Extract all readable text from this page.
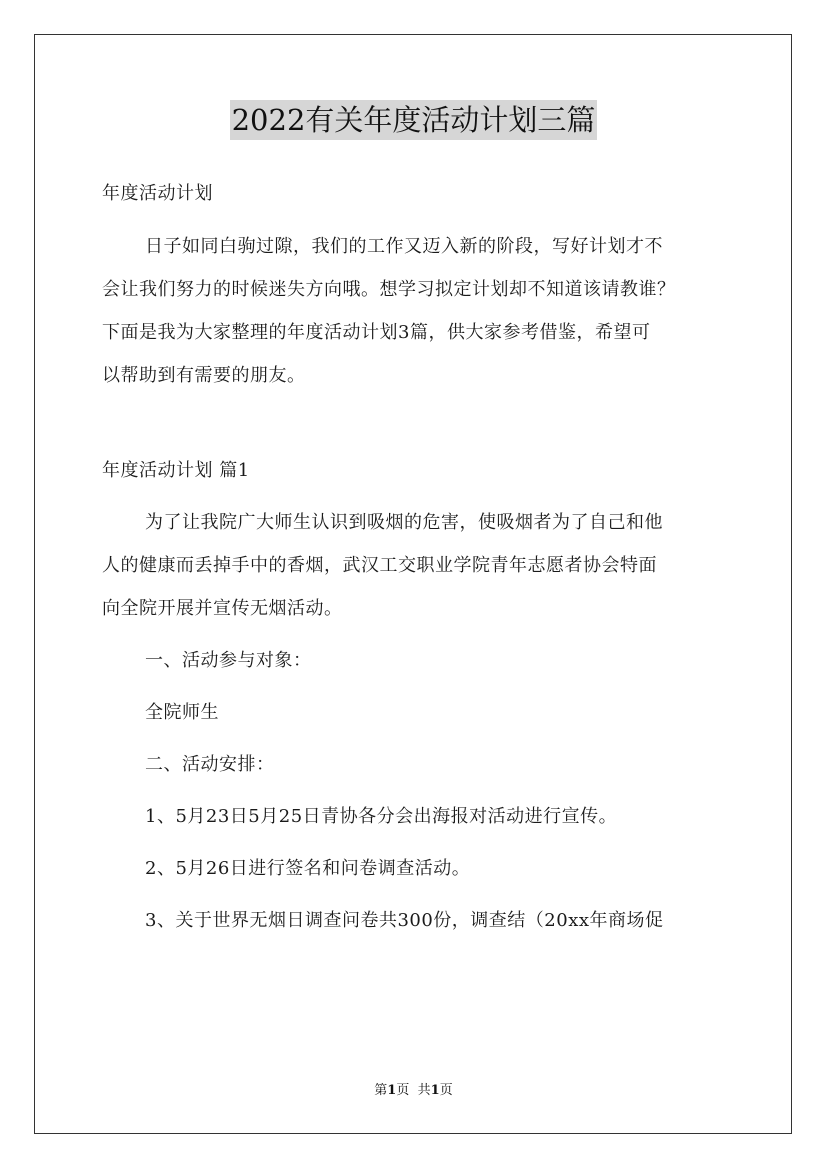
2022有关年度活动计划三篇

年度活动计划

日子如同白驹过隙，我们的工作又迈入新的阶段，写好计划才不

会让我们努力的时候迷失方向哦。想学习拟定计划却不知道该请教谁？

下面是我为大家整理的年度活动计划3篇，供大家参考借鉴，希望可

以帮助到有需要的朋友。

年度活动计划 篇1

为了让我院广大师生认识到吸烟的危害，使吸烟者为了自己和他

人的健康而丢掉手中的香烟，武汉工交职业学院青年志愿者协会特面

向全院开展并宣传无烟活动。

一、活动参与对象：

全院师生

二、活动安排：

1、5月23日5月25日青协各分会出海报对活动进行宣传。

2、5月26日进行签名和问卷调查活动。

3、关于世界无烟日调查问卷共300份，调查结（20xx年商场促

第1页 共1页
